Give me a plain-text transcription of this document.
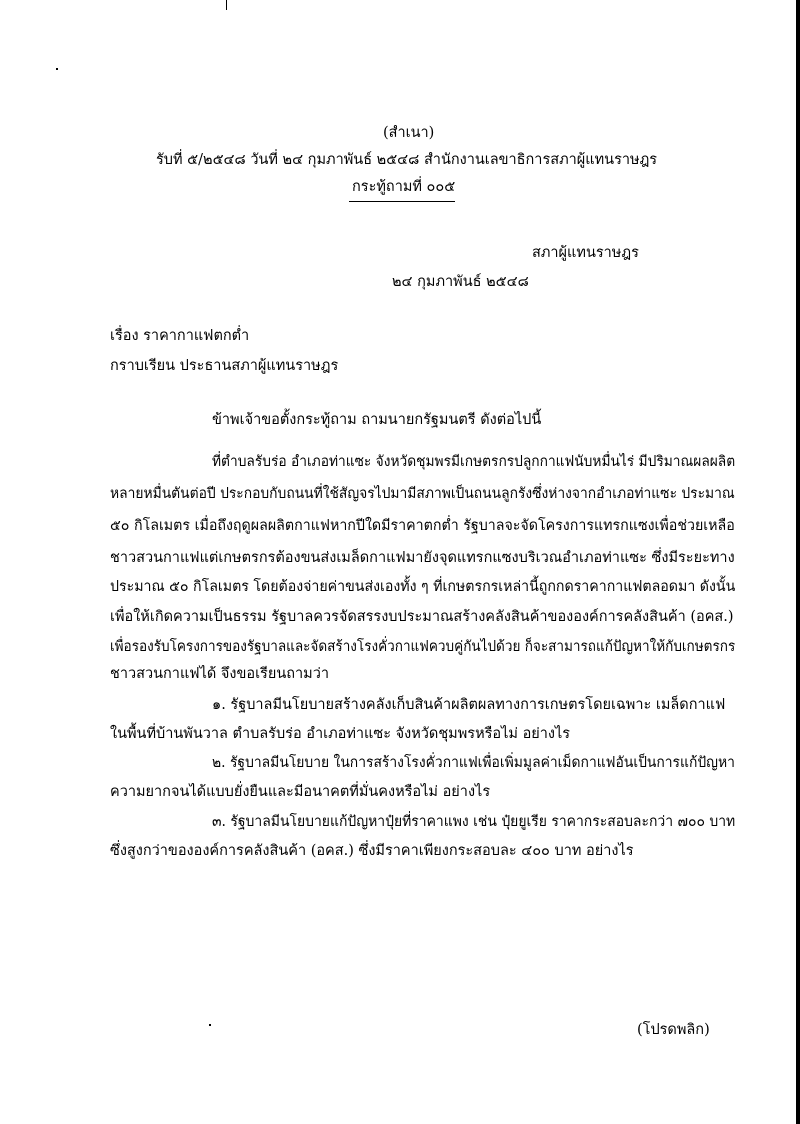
(สำเนา)
รับที่ ๕/๒๕๔๘ วันที่ ๒๔ กุมภาพันธ์ ๒๕๔๘ สำนักงานเลขาธิการสภาผู้แทนราษฎร
กระทู้ถามที่ ๐๐๕
สภาผู้แทนราษฎร
๒๔ กุมภาพันธ์ ๒๕๔๘
เรื่อง ราคากาแฟตกต่ำ
กราบเรียน ประธานสภาผู้แทนราษฎร
ข้าพเจ้าขอตั้งกระทู้ถาม ถามนายกรัฐมนตรี ดังต่อไปนี้
ที่ตำบลรับร่อ อำเภอท่าแซะ จังหวัดชุมพรมีเกษตรกรปลูกกาแฟนับหมื่นไร่ มีปริมาณผลผลิต
หลายหมื่นตันต่อปี ประกอบกับถนนที่ใช้สัญจรไปมามีสภาพเป็นถนนลูกรังซึ่งห่างจากอำเภอท่าแซะ ประมาณ
๕๐ กิโลเมตร เมื่อถึงฤดูผลผลิตกาแฟหากปีใดมีราคาตกต่ำ รัฐบาลจะจัดโครงการแทรกแซงเพื่อช่วยเหลือ
ชาวสวนกาแฟแต่เกษตรกรต้องขนส่งเมล็ดกาแฟมายังจุดแทรกแซงบริเวณอำเภอท่าแซะ ซึ่งมีระยะทาง
ประมาณ ๕๐ กิโลเมตร โดยต้องจ่ายค่าขนส่งเองทั้ง ๆ ที่เกษตรกรเหล่านี้ถูกกดราคากาแฟตลอดมา ดังนั้น
เพื่อให้เกิดความเป็นธรรม รัฐบาลควรจัดสรรงบประมาณสร้างคลังสินค้าขององค์การคลังสินค้า (อคส.)
เพื่อรองรับโครงการของรัฐบาลและจัดสร้างโรงคั่วกาแฟควบคู่กันไปด้วย ก็จะสามารถแก้ปัญหาให้กับเกษตรกร
ชาวสวนกาแฟได้ จึงขอเรียนถามว่า
๑. รัฐบาลมีนโยบายสร้างคลังเก็บสินค้าผลิตผลทางการเกษตรโดยเฉพาะ เมล็ดกาแฟ
ในพื้นที่บ้านพันวาล ตำบลรับร่อ อำเภอท่าแซะ จังหวัดชุมพรหรือไม่ อย่างไร
๒. รัฐบาลมีนโยบาย ในการสร้างโรงคั่วกาแฟเพื่อเพิ่มมูลค่าเม็ดกาแฟอันเป็นการแก้ปัญหา
ความยากจนได้แบบยั่งยืนและมีอนาคตที่มั่นคงหรือไม่ อย่างไร
๓. รัฐบาลมีนโยบายแก้ปัญหาปุ๋ยที่ราคาแพง เช่น ปุ๋ยยูเรีย ราคากระสอบละกว่า ๗๐๐ บาท
ซึ่งสูงกว่าขององค์การคลังสินค้า (อคส.) ซึ่งมีราคาเพียงกระสอบละ ๔๐๐ บาท อย่างไร
(โปรดพลิก)
